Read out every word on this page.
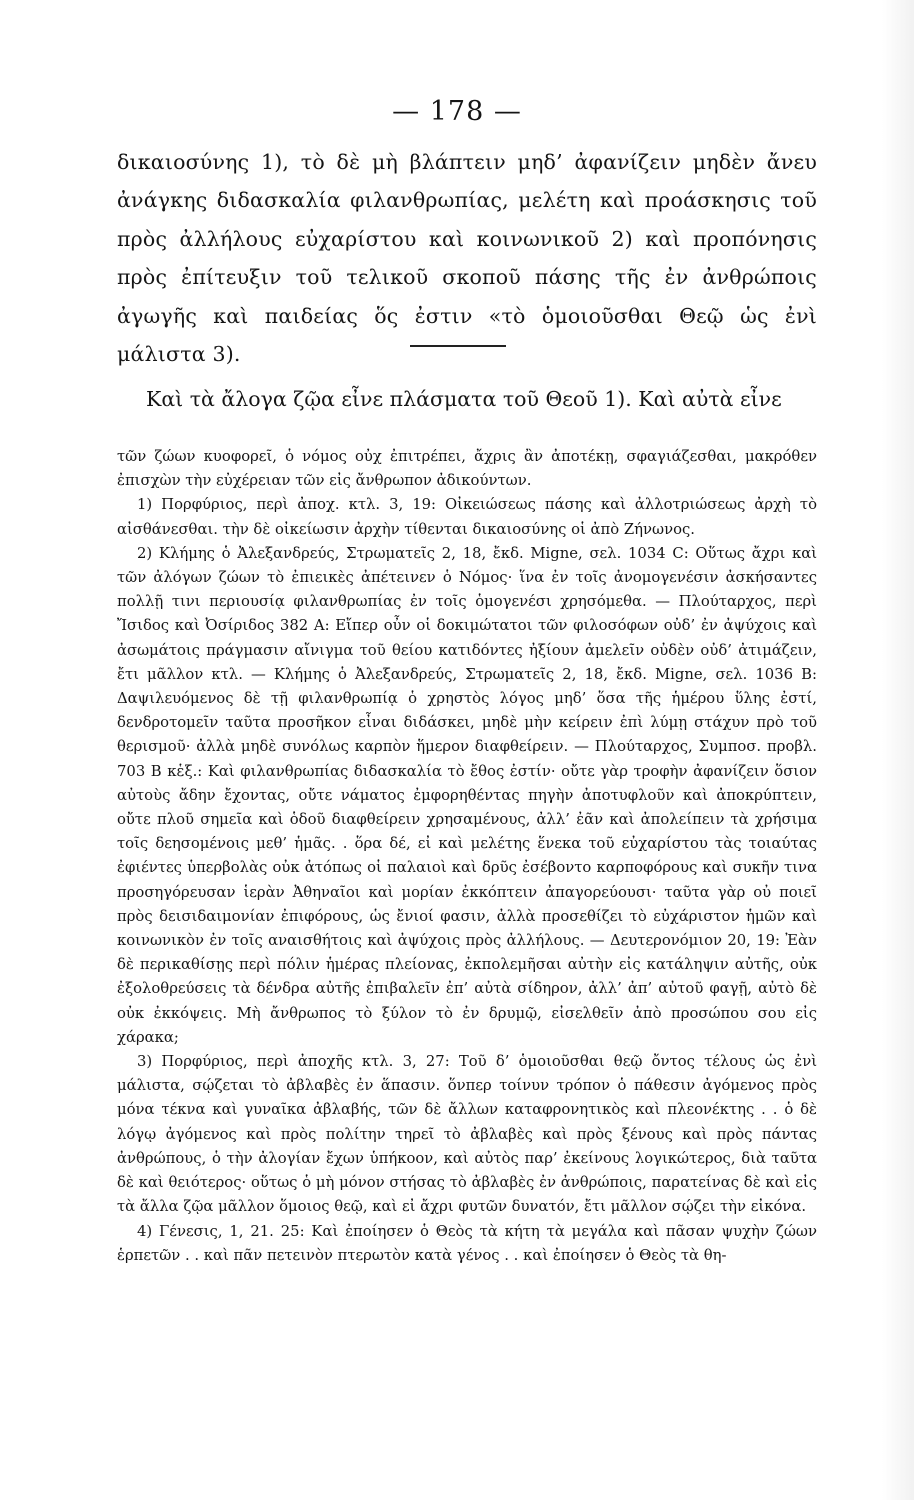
— 178 —

δικαιοσύνης 1), τὸ δὲ μὴ βλάπτειν μηδ’ ἀφανίζειν μηδὲν ἄνευ ἀνάγκης διδασκαλία φιλανθρωπίας, μελέτη καὶ προάσκησις τοῦ πρὸς ἀλλήλους εὐχαρίστου καὶ κοινωνικοῦ 2) καὶ προπόνησις πρὸς ἐπίτευξιν τοῦ τελικοῦ σκοποῦ πάσης τῆς ἐν ἀνθρώποις ἀγωγῆς καὶ παιδείας ὅς ἐστιν «τὸ ὁμοιοῦσθαι Θεῷ ὡς ἐνὶ μάλιστα 3).

Καὶ τὰ ἄλογα ζῷα εἶνε πλάσματα τοῦ Θεοῦ 1). Καὶ αὐτὰ εἶνε

τῶν ζώων κυοφορεῖ, ὁ νόμος οὐχ ἐπιτρέπει, ἄχρις ἂν ἀποτέκῃ, σφαγιάζεσθαι, μακρόθεν ἐπισχὼν τὴν εὐχέρειαν τῶν εἰς ἄνθρωπον ἀδικούντων.

1) Πορφύριος, περὶ ἀποχ. κτλ. 3, 19: Οἰκειώσεως πάσης καὶ ἀλλοτριώσεως ἀρχὴ τὸ αἰσθάνεσθαι. τὴν δὲ οἰκείωσιν ἀρχὴν τίθενται δικαιοσύνης οἱ ἀπὸ Ζήνωνος.

2) Κλήμης ὁ Ἀλεξανδρεύς, Στρωματεῖς 2, 18, ἔκδ. Migne, σελ. 1034 C: Οὕτως ἄχρι καὶ τῶν ἀλόγων ζώων τὸ ἐπιεικὲς ἀπέτεινεν ὁ Νόμος· ἵνα ἐν τοῖς ἀνομογενέσιν ἀσκήσαντες πολλῇ τινι περιουσίᾳ φιλανθρωπίας ἐν τοῖς ὁμογενέσι χρησόμεθα. — Πλούταρχος, περὶ Ἴσιδος καὶ Ὀσίριδος 382 A: Εἴπερ οὖν οἱ δοκιμώτατοι τῶν φιλοσόφων οὐδ’ ἐν ἀψύχοις καὶ ἀσωμάτοις πράγμασιν αἴνιγμα τοῦ θείου κατιδόντες ἠξίουν ἀμελεῖν οὐδὲν οὐδ’ ἀτιμάζειν, ἔτι μᾶλλον κτλ. — Κλήμης ὁ Ἀλεξανδρεύς, Στρωματεῖς 2, 18, ἔκδ. Migne, σελ. 1036 B: Δαψιλευόμενος δὲ τῇ φιλανθρωπίᾳ ὁ χρηστὸς λόγος μηδ’ ὅσα τῆς ἡμέρου ὕλης ἐστί, δενδροτομεῖν ταῦτα προσῆκον εἶναι διδάσκει, μηδὲ μὴν κείρειν ἐπὶ λύμῃ στάχυν πρὸ τοῦ θερισμοῦ· ἀλλὰ μηδὲ συνόλως καρπὸν ἥμερον διαφθείρειν. — Πλούταρχος, Συμποσ. προβλ. 703 B κἑξ.: Καὶ φιλανθρωπίας διδασκαλία τὸ ἔθος ἐστίν· οὔτε γὰρ τροφὴν ἀφανίζειν ὅσιον αὐτοὺς ἄδην ἔχοντας, οὔτε νάματος ἐμφορηθέντας πηγὴν ἀποτυφλοῦν καὶ ἀποκρύπτειν, οὔτε πλοῦ σημεῖα καὶ ὁδοῦ διαφθείρειν χρησαμένους, ἀλλ’ ἐᾶν καὶ ἀπολείπειν τὰ χρήσιμα τοῖς δεησομένοις μεθ’ ἡμᾶς. . ὅρα δέ, εἰ καὶ μελέτης ἕνεκα τοῦ εὐχαρίστου τὰς τοιαύτας ἐφιέντες ὑπερβολὰς οὐκ ἀτόπως οἱ παλαιοὶ καὶ δρῦς ἐσέβοντο καρποφόρους καὶ συκῆν τινα προσηγόρευσαν ἱερὰν Ἀθηναῖοι καὶ μορίαν ἐκκόπτειν ἀπαγορεύουσι· ταῦτα γὰρ οὐ ποιεῖ πρὸς δεισιδαιμονίαν ἐπιφόρους, ὡς ἔνιοί φασιν, ἀλλὰ προσεθίζει τὸ εὐχάριστον ἡμῶν καὶ κοινωνικὸν ἐν τοῖς αναισθήτοις καὶ ἀψύχοις πρὸς ἀλλήλους. — Δευτερονόμιον 20, 19: Ἐὰν δὲ περικαθίσῃς περὶ πόλιν ἡμέρας πλείονας, ἐκπολεμῆσαι αὐτὴν εἰς κατάληψιν αὐτῆς, οὐκ ἐξολοθρεύσεις τὰ δένδρα αὐτῆς ἐπιβαλεῖν ἐπ’ αὐτὰ σίδηρον, ἀλλ’ ἀπ’ αὐτοῦ φαγῇ, αὐτὸ δὲ οὐκ ἐκκόψεις. Μὴ ἄνθρωπος τὸ ξύλον τὸ ἐν δρυμῷ, εἰσελθεῖν ἀπὸ προσώπου σου εἰς χάρακα;

3) Πορφύριος, περὶ ἀποχῆς κτλ. 3, 27: Τοῦ δ’ ὁμοιοῦσθαι θεῷ ὄντος τέλους ὡς ἐνὶ μάλιστα, σῴζεται τὸ ἀβλαβὲς ἐν ἅπασιν. ὅνπερ τοίνυν τρόπον ὁ πάθεσιν ἀγόμενος πρὸς μόνα τέκνα καὶ γυναῖκα ἀβλαβής, τῶν δὲ ἄλλων καταφρονητικὸς καὶ πλεονέκτης . . ὁ δὲ λόγῳ ἀγόμενος καὶ πρὸς πολίτην τηρεῖ τὸ ἀβλαβὲς καὶ πρὸς ξένους καὶ πρὸς πάντας ἀνθρώπους, ὁ τὴν ἀλογίαν ἔχων ὑπήκοον, καὶ αὐτὸς παρ’ ἐκείνους λογικώτερος, διὰ ταῦτα δὲ καὶ θειότερος· οὕτως ὁ μὴ μόνον στήσας τὸ ἀβλαβὲς ἐν ἀνθρώποις, παρατείνας δὲ καὶ εἰς τὰ ἄλλα ζῷα μᾶλλον ὅμοιος θεῷ, καὶ εἰ ἄχρι φυτῶν δυνατόν, ἔτι μᾶλλον σῴζει τὴν εἰκόνα.

4) Γένεσις, 1, 21. 25: Καὶ ἐποίησεν ὁ Θεὸς τὰ κήτη τὰ μεγάλα καὶ πᾶσαν ψυχὴν ζώων ἑρπετῶν . . καὶ πᾶν πετεινὸν πτερωτὸν κατὰ γένος . . καὶ ἐποίησεν ὁ Θεὸς τὰ θη-
